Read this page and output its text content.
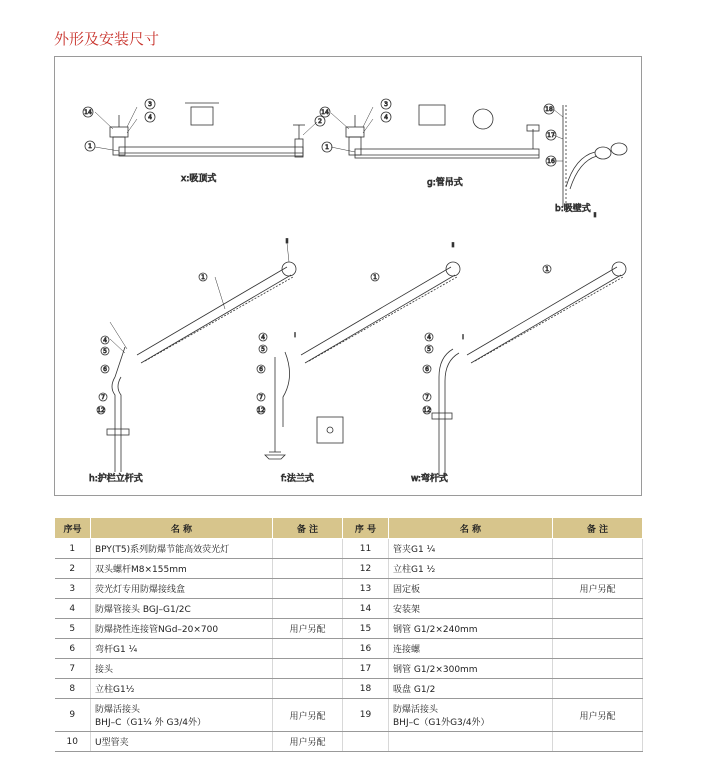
外形及安装尺寸
1
14
3
4
2
x:吸顶式
1
14
3
4
g:管吊式
18
17
16
b:吸壁式
1
Ⅱ
4
5
6
7
12
h:护栏立杆式
1
Ⅱ
Ⅰ
4
5
6
7
12
f:法兰式
1
Ⅱ
Ⅰ
4
5
6
7
12
w:弯杆式
序号	名 称	备 注	序 号	名 称	备 注
1	BPY(T5)系列防爆节能高效荧光灯		11	管夹G1 ¼	
2	双头螺杆M8×155mm		12	立柱G1 ½	
3	荧光灯专用防爆接线盒		13	固定板	用户另配
4	防爆管接头 BGJ–G1/2C		14	安装架	
5	防爆挠性连接管NGd–20×700	用户另配	15	钢管 G1/2×240mm	
6	弯杆G1 ¼		16	连接螺	
7	接头		17	钢管 G1/2×300mm	
8	立柱G1½		18	吸盘 G1/2	
9	防爆活接头
BHJ–C（G1¼ 外 G3/4外）	用户另配	19	防爆活接头
BHJ–C（G1外G3/4外）	用户另配
10	U型管夹	用户另配			
